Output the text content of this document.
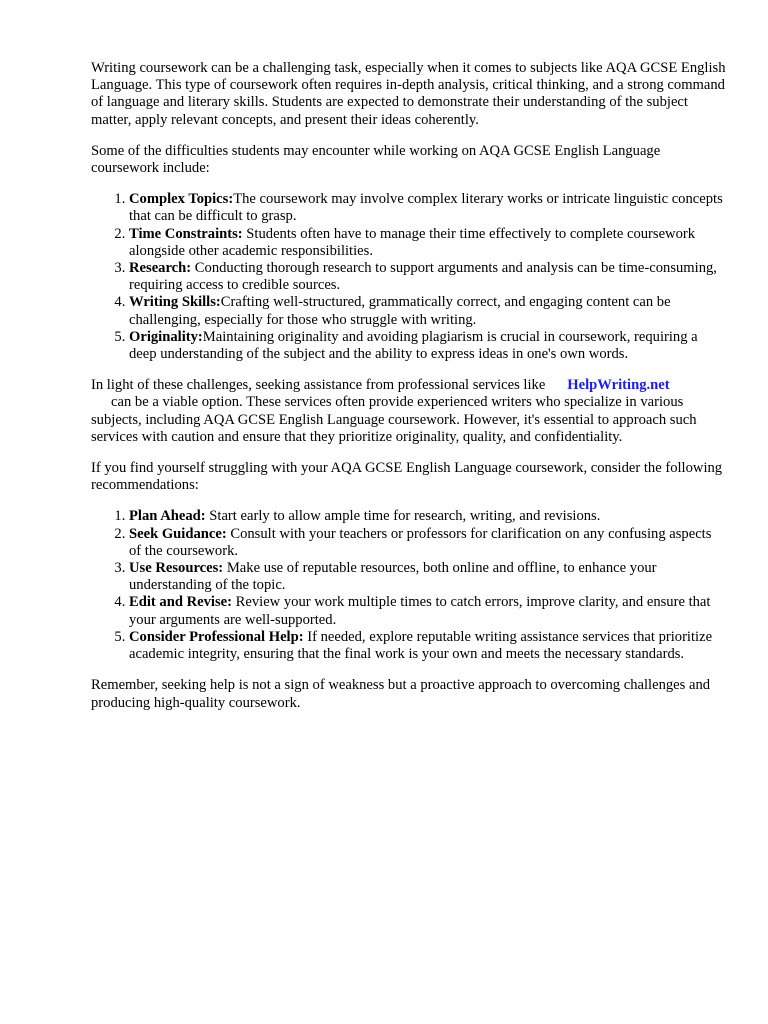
Writing coursework can be a challenging task, especially when it comes to subjects like AQA GCSE English Language. This type of coursework often requires in-depth analysis, critical thinking, and a strong command of language and literary skills. Students are expected to demonstrate their understanding of the subject matter, apply relevant concepts, and present their ideas coherently.

Some of the difficulties students may encounter while working on AQA GCSE English Language coursework include:

1. Complex Topics:The coursework may involve complex literary works or intricate linguistic concepts that can be difficult to grasp.
2. Time Constraints: Students often have to manage their time effectively to complete coursework alongside other academic responsibilities.
3. Research: Conducting thorough research to support arguments and analysis can be time-consuming, requiring access to credible sources.
4. Writing Skills:Crafting well-structured, grammatically correct, and engaging content can be challenging, especially for those who struggle with writing.
5. Originality:Maintaining originality and avoiding plagiarism is crucial in coursework, requiring a deep understanding of the subject and the ability to express ideas in one's own words.

In light of these challenges, seeking assistance from professional services like HelpWriting.net
can be a viable option. These services often provide experienced writers who specialize in various subjects, including AQA GCSE English Language coursework. However, it's essential to approach such services with caution and ensure that they prioritize originality, quality, and confidentiality.

If you find yourself struggling with your AQA GCSE English Language coursework, consider the following recommendations:

1. Plan Ahead: Start early to allow ample time for research, writing, and revisions.
2. Seek Guidance: Consult with your teachers or professors for clarification on any confusing aspects of the coursework.
3. Use Resources: Make use of reputable resources, both online and offline, to enhance your understanding of the topic.
4. Edit and Revise: Review your work multiple times to catch errors, improve clarity, and ensure that your arguments are well-supported.
5. Consider Professional Help: If needed, explore reputable writing assistance services that prioritize academic integrity, ensuring that the final work is your own and meets the necessary standards.

Remember, seeking help is not a sign of weakness but a proactive approach to overcoming challenges and producing high-quality coursework.
